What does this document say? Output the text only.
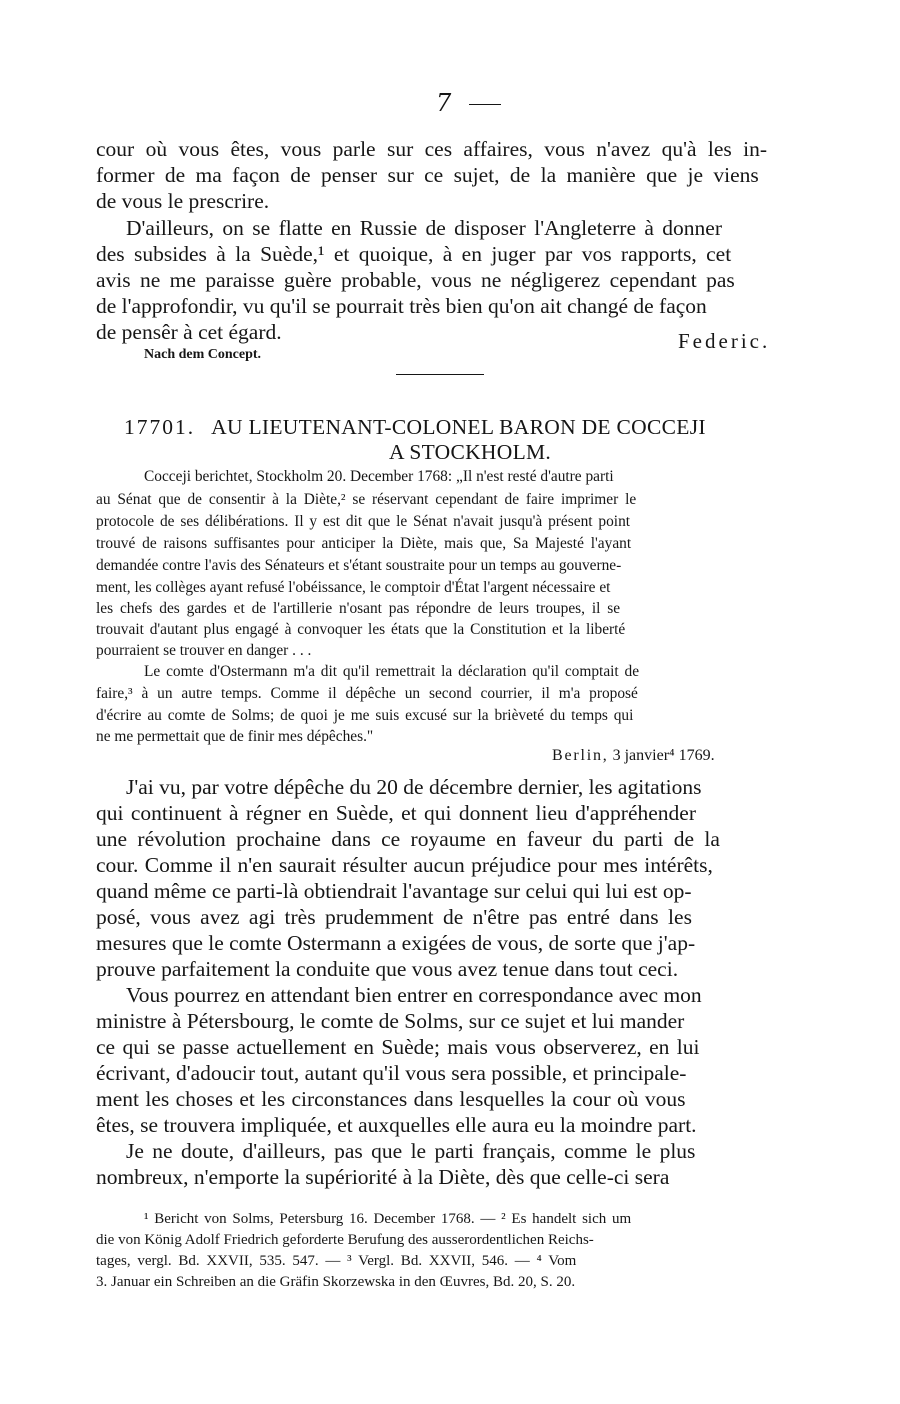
7
cour où vous êtes, vous parle sur ces affaires, vous n'avez qu'à les in-
former de ma façon de penser sur ce sujet, de la manière que je viens
de vous le prescrire.
D'ailleurs, on se flatte en Russie de disposer l'Angleterre à donner
des subsides à la Suède,¹ et quoique, à en juger par vos rapports, cet
avis ne me paraisse guère probable, vous ne négligerez cependant pas
de l'approfondir, vu qu'il se pourrait très bien qu'on ait changé de façon
de pensêr à cet égard.	Federic.
Nach dem Concept.
17701. AU LIEUTENANT-COLONEL BARON DE COCCEJI
A STOCKHOLM.
Cocceji berichtet, Stockholm 20. December 1768: „Il n'est resté d'autre parti
au Sénat que de consentir à la Diète,² se réservant cependant de faire imprimer le
protocole de ses délibérations. Il y est dit que le Sénat n'avait jusqu'à présent point
trouvé de raisons suffisantes pour anticiper la Diète, mais que, Sa Majesté l'ayant
demandée contre l'avis des Sénateurs et s'étant soustraite pour un temps au gouverne-
ment, les collèges ayant refusé l'obéissance, le comptoir d'État l'argent nécessaire et
les chefs des gardes et de l'artillerie n'osant pas répondre de leurs troupes, il se
trouvait d'autant plus engagé à convoquer les états que la Constitution et la liberté
pourraient se trouver en danger . . .
Le comte d'Ostermann m'a dit qu'il remettrait la déclaration qu'il comptait de
faire,³ à un autre temps. Comme il dépêche un second courrier, il m'a proposé
d'écrire au comte de Solms; de quoi je me suis excusé sur la brièveté du temps qui
ne me permettait que de finir mes dépêches."
Berlin, 3 janvier⁴ 1769.
J'ai vu, par votre dépêche du 20 de décembre dernier, les agitations
qui continuent à régner en Suède, et qui donnent lieu d'appréhender
une révolution prochaine dans ce royaume en faveur du parti de la
cour. Comme il n'en saurait résulter aucun préjudice pour mes intérêts,
quand même ce parti-là obtiendrait l'avantage sur celui qui lui est op-
posé, vous avez agi très prudemment de n'être pas entré dans les
mesures que le comte Ostermann a exigées de vous, de sorte que j'ap-
prouve parfaitement la conduite que vous avez tenue dans tout ceci.
Vous pourrez en attendant bien entrer en correspondance avec mon
ministre à Pétersbourg, le comte de Solms, sur ce sujet et lui mander
ce qui se passe actuellement en Suède; mais vous observerez, en lui
écrivant, d'adoucir tout, autant qu'il vous sera possible, et principale-
ment les choses et les circonstances dans lesquelles la cour où vous
êtes, se trouvera impliquée, et auxquelles elle aura eu la moindre part.
Je ne doute, d'ailleurs, pas que le parti français, comme le plus
nombreux, n'emporte la supériorité à la Diète, dès que celle-ci sera
¹ Bericht von Solms, Petersburg 16. December 1768. — ² Es handelt sich um
die von König Adolf Friedrich geforderte Berufung des ausserordentlichen Reichs-
tages, vergl. Bd. XXVII, 535. 547. — ³ Vergl. Bd. XXVII, 546. — ⁴ Vom
3. Januar ein Schreiben an die Gräfin Skorzewska in den Œuvres, Bd. 20, S. 20.
